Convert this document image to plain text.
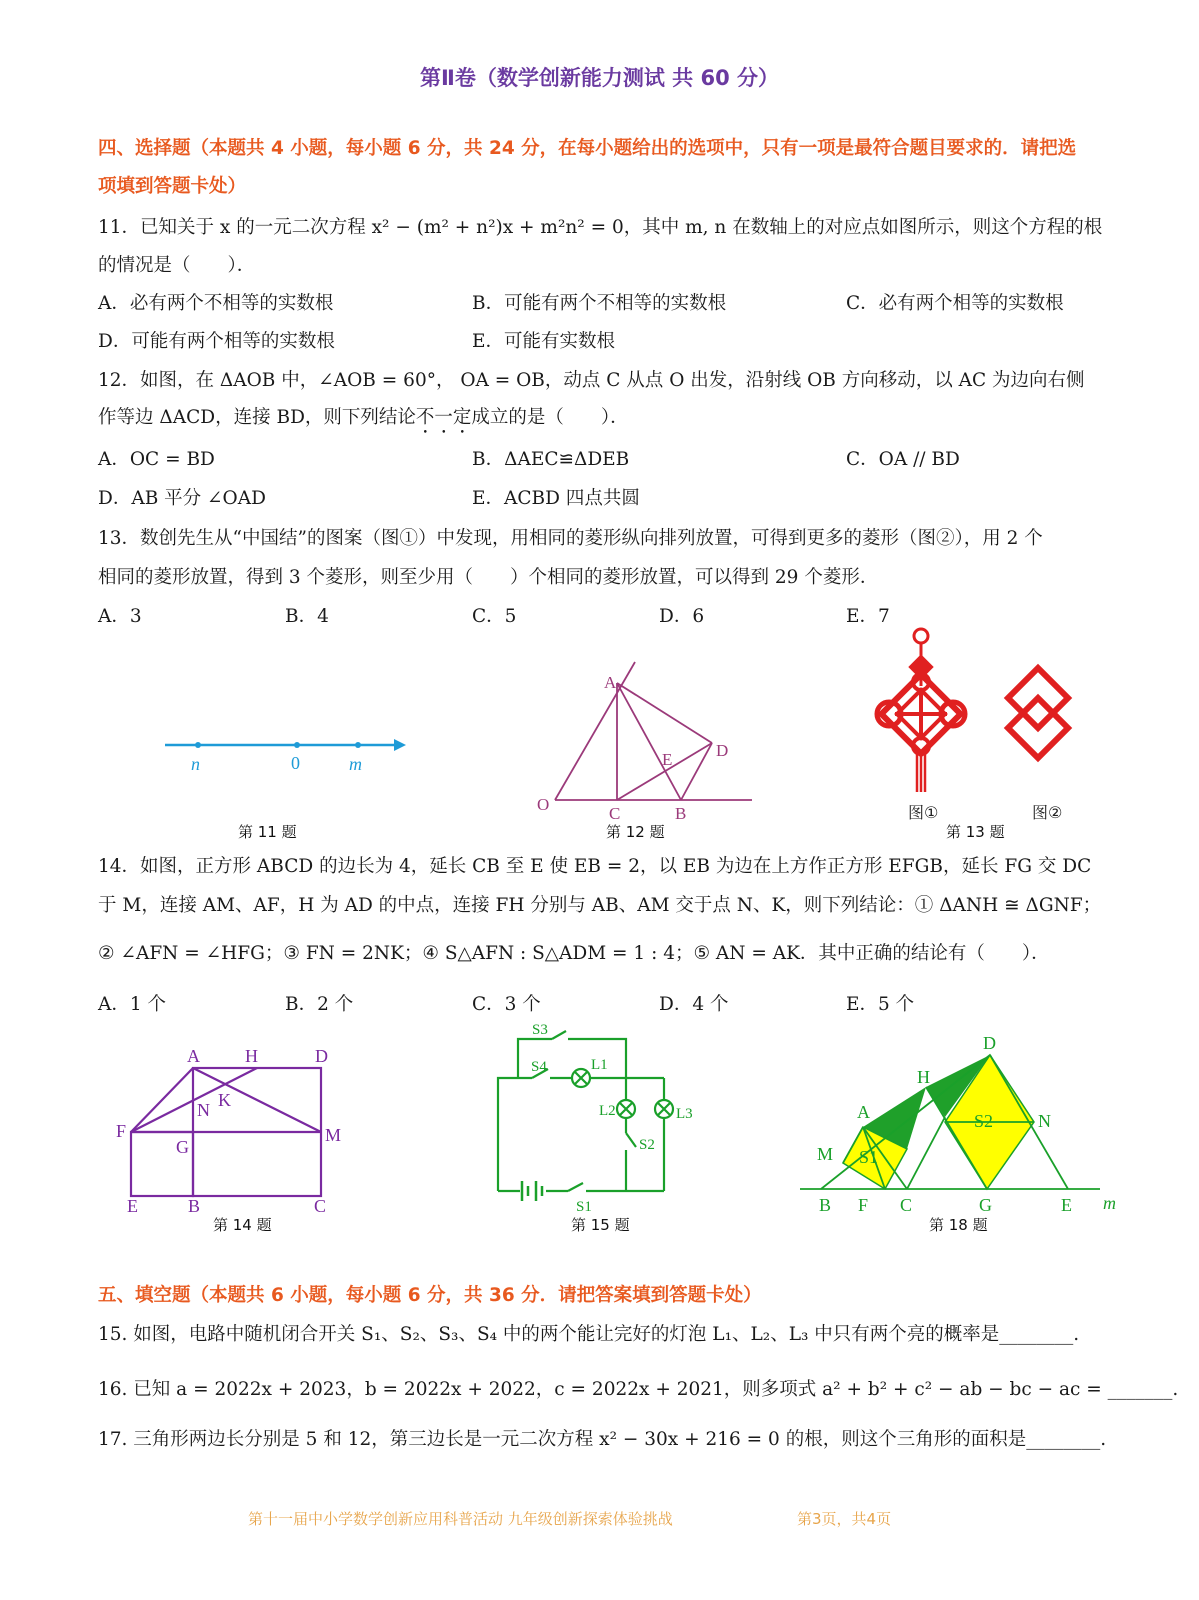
第Ⅱ卷（数学创新能力测试 共 60 分）
四、选择题（本题共 4 小题，每小题 6 分，共 24 分，在每小题给出的选项中，只有一项是最符合题目要求的．请把选
项填到答题卡处）
11．已知关于 x 的一元二次方程 x² − (m² + n²)x + m²n² = 0，其中 m, n 在数轴上的对应点如图所示，则这个方程的根
的情况是（　　）．
A．必有两个不相等的实数根	B．可能有两个不相等的实数根	C．必有两个相等的实数根
D．可能有两个相等的实数根	E．可能有实数根
12．如图，在 ΔAOB 中，∠AOB = 60°， OA = OB，动点 C 从点 O 出发，沿射线 OB 方向移动，以 AC 为边向右侧
作等边 ΔACD，连接 BD，则下列结论不一定成立的是（　　）．
A．OC = BD	B．ΔAEC≌ΔDEB	C．OA // BD
D．AB 平分 ∠OAD	E．ACBD 四点共圆
13．数创先生从“中国结”的图案（图①）中发现，用相同的菱形纵向排列放置，可得到更多的菱形（图②），用 2 个
相同的菱形放置，得到 3 个菱形，则至少用（　　）个相同的菱形放置，可以得到 29 个菱形．
A．3	B．4	C．5	D．6	E．7
n	0	m
A
D
E
O	C	B	图①	图②
第 11 题	第 12 题	第 13 题
14．如图，正方形 ABCD 的边长为 4，延长 CB 至 E 使 EB = 2，以 EB 为边在上方作正方形 EFGB，延长 FG 交 DC
于 M，连接 AM、AF，H 为 AD 的中点，连接 FH 分别与 AB、AM 交于点 N、K，则下列结论：① ΔANH ≅ ΔGNF；
② ∠AFN = ∠HFG；③ FN = 2NK；④ S△AFN : S△ADM = 1 : 4；⑤ AN = AK．其中正确的结论有（　　）．
A．1 个	B．2 个	C．3 个	D．4 个	E．5 个
A	H	D
N K
F
G
M
E	B	C
S3
S4	L1
L2	L3
S2
S1
D
H
A	S2 N
M S1
B F C	G	E m
第 14 题	第 15 题	第 18 题
五、填空题（本题共 6 小题，每小题 6 分，共 36 分．请把答案填到答题卡处）
15. 如图，电路中随机闭合开关 S₁、S₂、S₃、S₄ 中的两个能让完好的灯泡 L₁、L₂、L₃ 中只有两个亮的概率是________.
16. 已知 a = 2022x + 2023，b = 2022x + 2022，c = 2022x + 2021，则多项式 a² + b² + c² − ab − bc − ac = _______.
17. 三角形两边长分别是 5 和 12，第三边长是一元二次方程 x² − 30x + 216 = 0 的根，则这个三角形的面积是________.
第十一届中小学数学创新应用科普活动 九年级创新探索体验挑战	第3页，共4页
